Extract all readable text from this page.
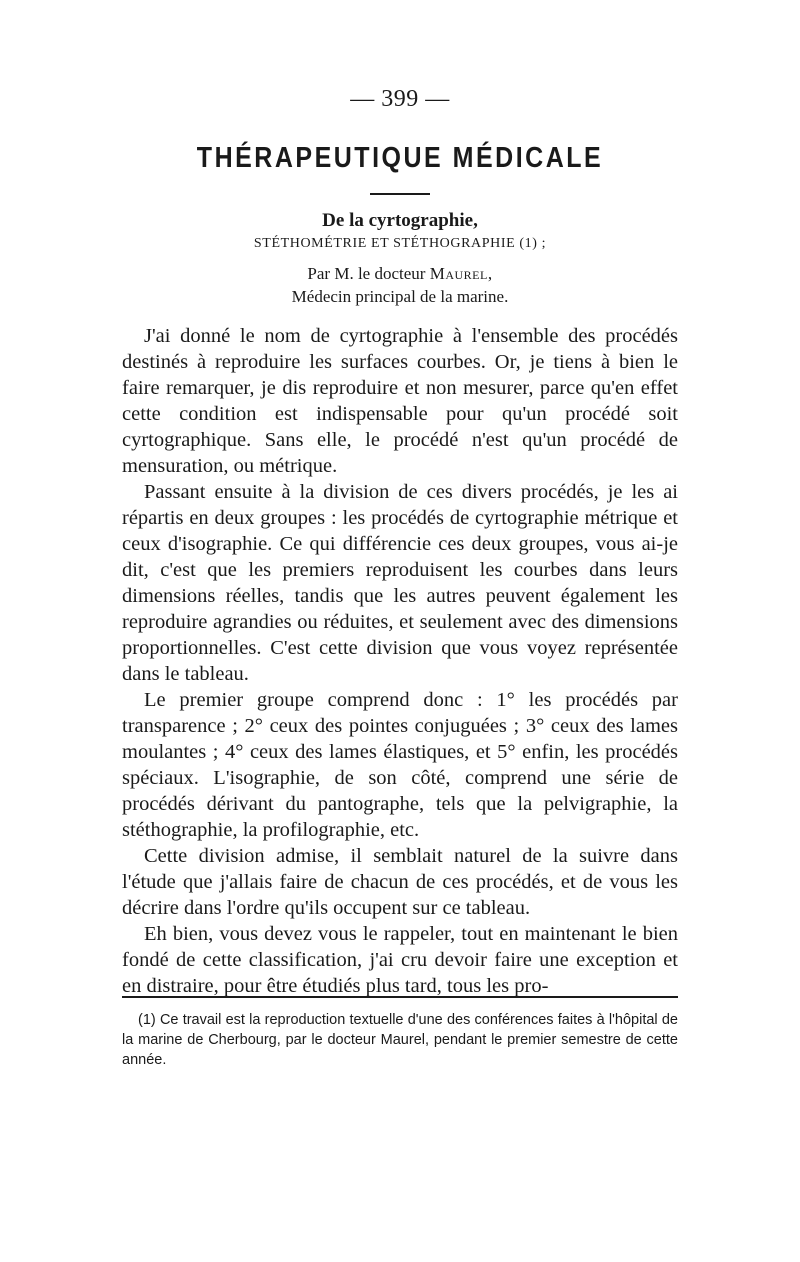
— 399 —
THÉRAPEUTIQUE MÉDICALE
De la cyrtographie,
STÉTHOMÉTRIE ET STÉTHOGRAPHIE (1) ;
Par M. le docteur Maurel,
Médecin principal de la marine.

J'ai donné le nom de cyrtographie à l'ensemble des procédés destinés à reproduire les surfaces courbes. Or, je tiens à bien le faire remarquer, je dis reproduire et non mesurer, parce qu'en effet cette condition est indispensable pour qu'un procédé soit cyrtographique. Sans elle, le procédé n'est qu'un procédé de mensuration, ou métrique.

Passant ensuite à la division de ces divers procédés, je les ai répartis en deux groupes : les procédés de cyrtographie métrique et ceux d'isographie. Ce qui différencie ces deux groupes, vous ai-je dit, c'est que les premiers reproduisent les courbes dans leurs dimensions réelles, tandis que les autres peuvent également les reproduire agrandies ou réduites, et seulement avec des dimensions proportionnelles. C'est cette division que vous voyez représentée dans le tableau.

Le premier groupe comprend donc : 1° les procédés par transparence ; 2° ceux des pointes conjuguées ; 3° ceux des lames moulantes ; 4° ceux des lames élastiques, et 5° enfin, les procédés spéciaux. L'isographie, de son côté, comprend une série de procédés dérivant du pantographe, tels que la pelvigraphie, la stéthographie, la profilographie, etc.

Cette division admise, il semblait naturel de la suivre dans l'étude que j'allais faire de chacun de ces procédés, et de vous les décrire dans l'ordre qu'ils occupent sur ce tableau.

Eh bien, vous devez vous le rappeler, tout en maintenant le bien fondé de cette classification, j'ai cru devoir faire une exception et en distraire, pour être étudiés plus tard, tous les pro-

(1) Ce travail est la reproduction textuelle d'une des conférences faites à l'hôpital de la marine de Cherbourg, par le docteur Maurel, pendant le premier semestre de cette année.
